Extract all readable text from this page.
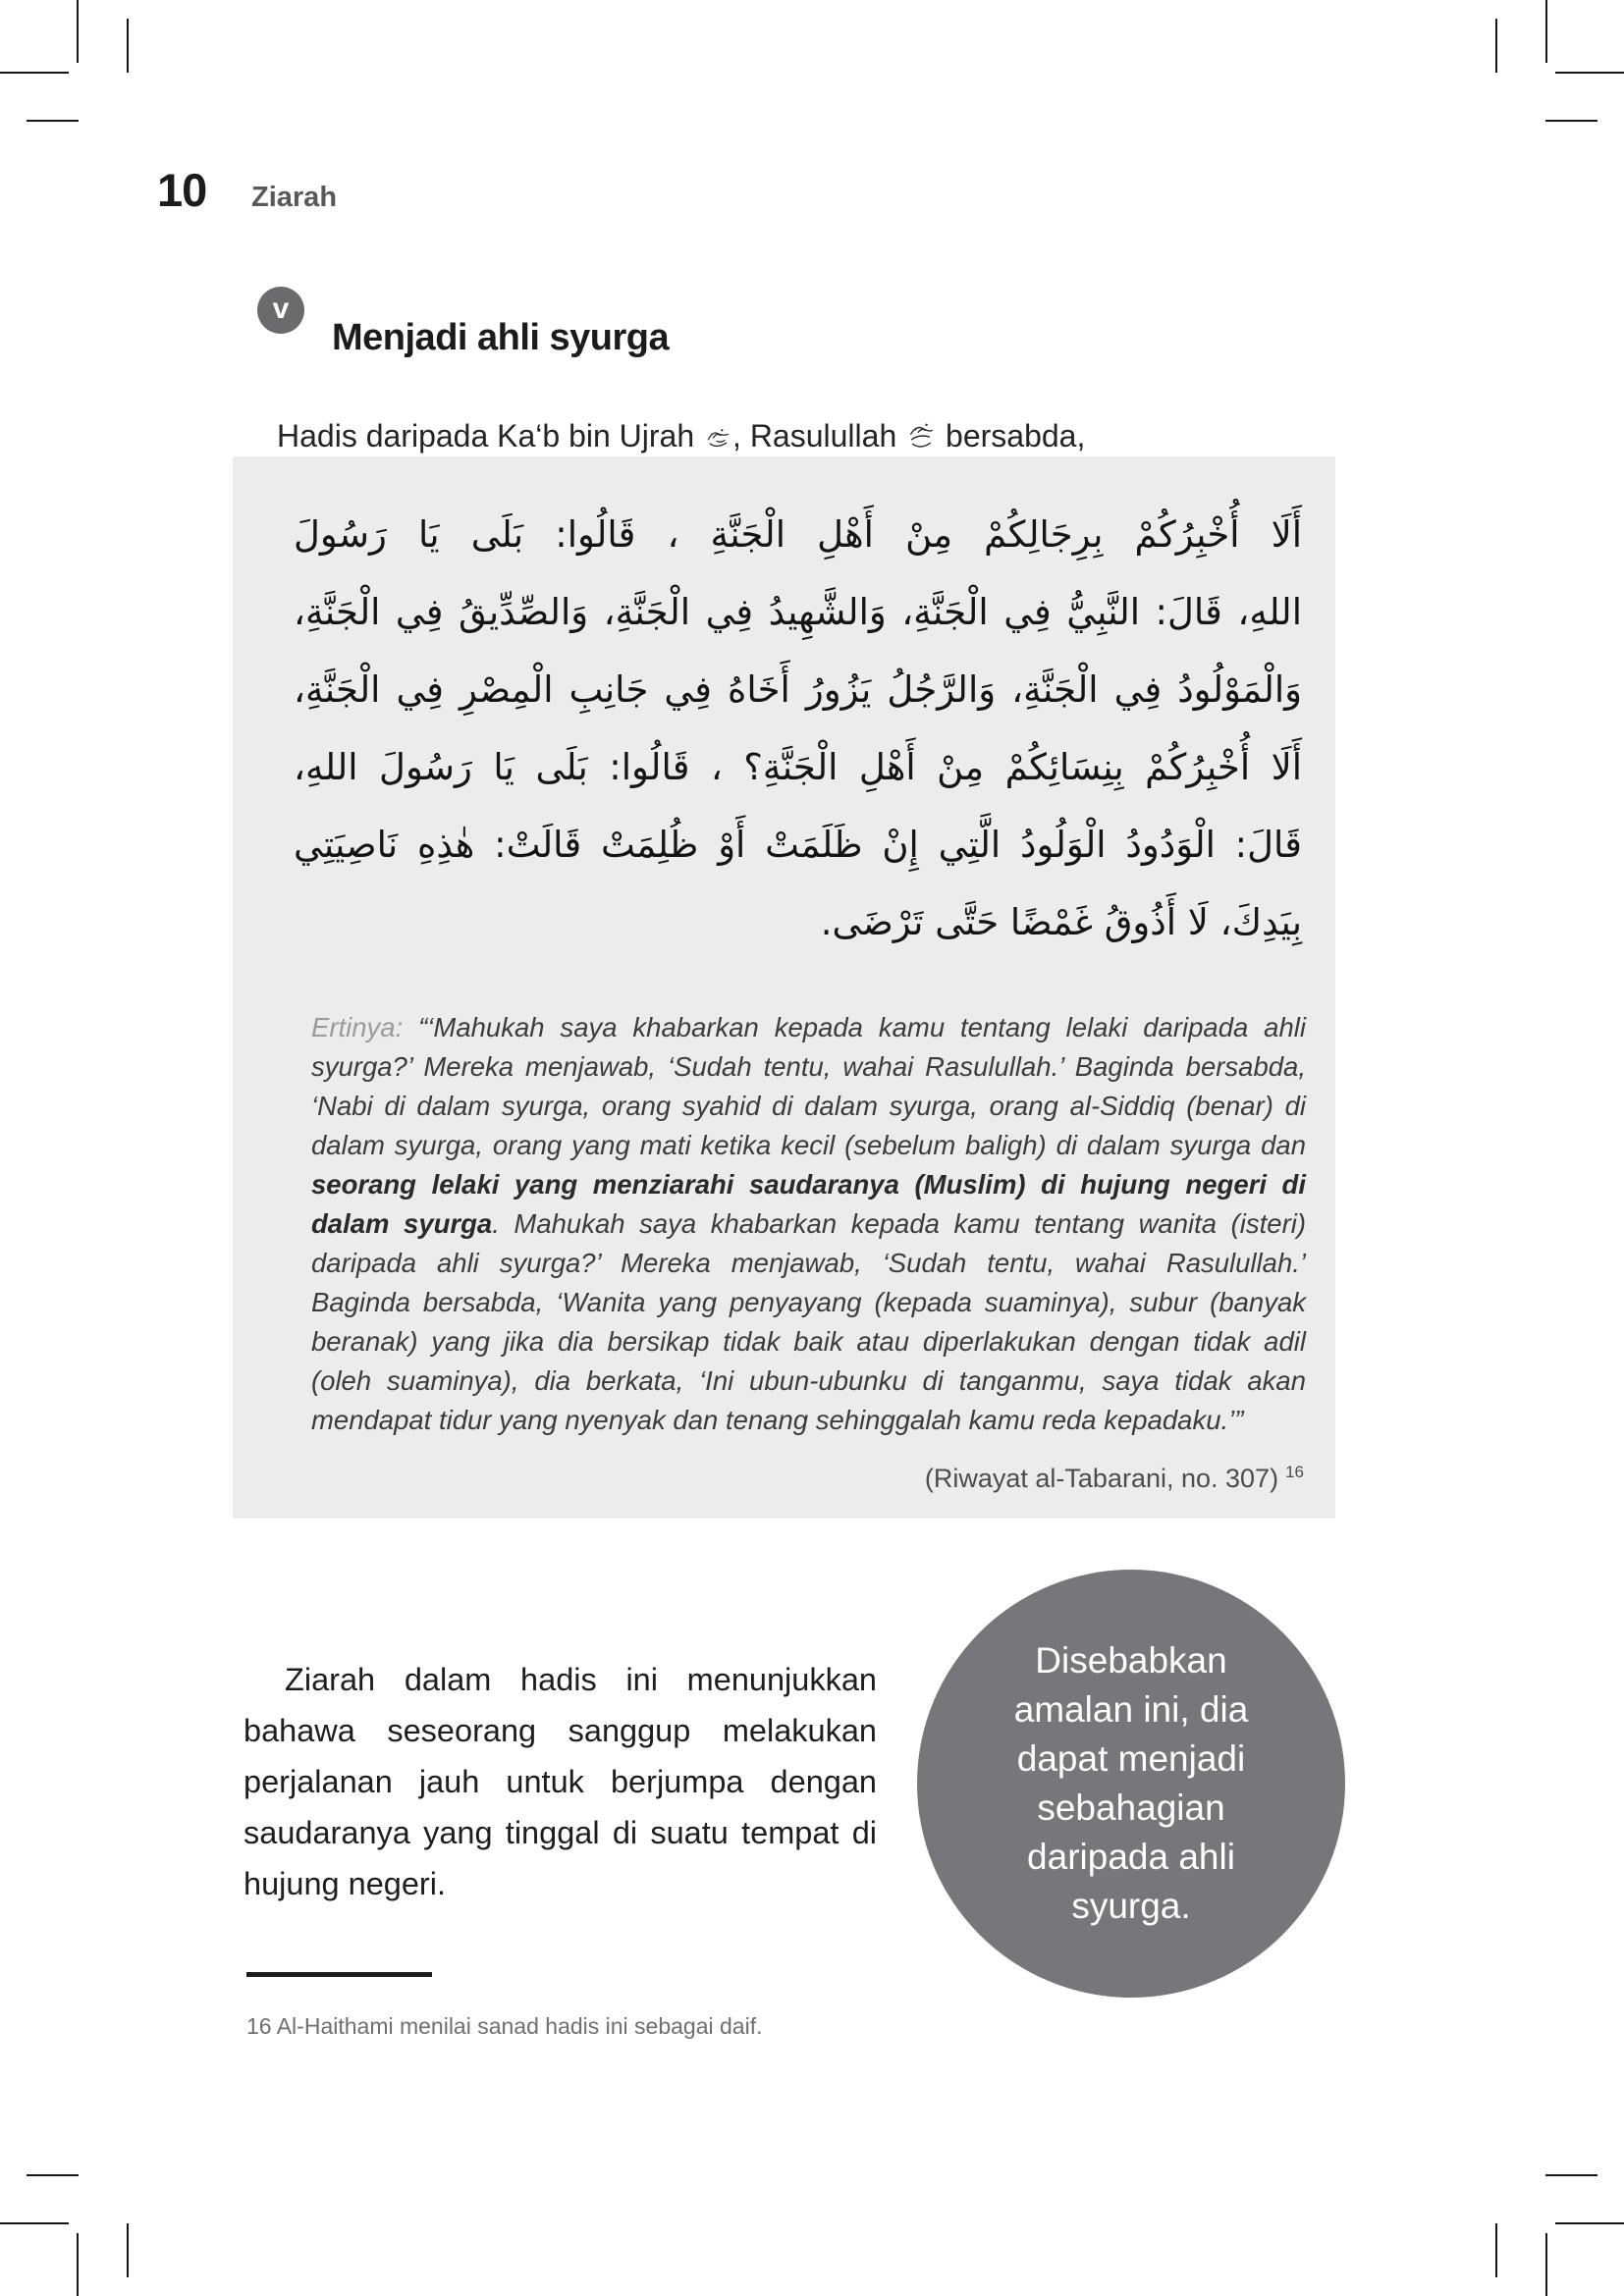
10 Ziarah
v
Menjadi ahli syurga

Hadis daripada Ka‘b bin Ujrah , Rasulullah  bersabda,

أَلَا أُخْبِرُكُمْ بِرِجَالِكُمْ مِنْ أَهْلِ الْجَنَّةِ ، قَالُوا: بَلَى يَا رَسُولَ
اللهِ، قَالَ: النَّبِيُّ فِي الْجَنَّةِ، وَالشَّهِيدُ فِي الْجَنَّةِ، وَالصِّدِّيقُ فِي الْجَنَّةِ،
وَالْمَوْلُودُ فِي الْجَنَّةِ، وَالرَّجُلُ يَزُورُ أَخَاهُ فِي جَانِبِ الْمِصْرِ فِي الْجَنَّةِ،
أَلَا أُخْبِرُكُمْ بِنِسَائِكُمْ مِنْ أَهْلِ الْجَنَّةِ؟ ، قَالُوا: بَلَى يَا رَسُولَ اللهِ،
قَالَ: الْوَدُودُ الْوَلُودُ الَّتِي إِنْ ظَلَمَتْ أَوْ ظُلِمَتْ قَالَتْ: هٰذِهِ نَاصِيَتِي
بِيَدِكَ، لَا أَذُوقُ غَمْضًا حَتَّى تَرْضَى.

Ertinya: “‘Mahukah saya khabarkan kepada kamu tentang lelaki daripada ahli syurga?’ Mereka menjawab, ‘Sudah tentu, wahai Rasulullah.’ Baginda bersabda, ‘Nabi di dalam syurga, orang syahid di dalam syurga, orang al-Siddiq (benar) di dalam syurga, orang yang mati ketika kecil (sebelum baligh) di dalam syurga dan seorang lelaki yang menziarahi saudaranya (Muslim) di hujung negeri di dalam syurga. Mahukah saya khabarkan kepada kamu tentang wanita (isteri) daripada ahli syurga?’ Mereka menjawab, ‘Sudah tentu, wahai Rasulullah.’ Baginda bersabda, ‘Wanita yang penyayang (kepada suaminya), subur (banyak beranak) yang jika dia bersikap tidak baik atau diperlakukan dengan tidak adil (oleh suaminya), dia berkata, ‘Ini ubun-ubunku di tanganmu, saya tidak akan mendapat tidur yang nyenyak dan tenang sehinggalah kamu reda kepadaku.’”

(Riwayat al-Tabarani, no. 307) $^{16}$

Ziarah dalam hadis ini menunjukkan bahawa seseorang sanggup melakukan perjalanan jauh untuk berjumpa dengan saudaranya yang tinggal di suatu tempat di hujung negeri.

Disebabkan amalan ini, dia dapat menjadi sebahagian daripada ahli syurga.

16 Al-Haithami menilai sanad hadis ini sebagai daif.
